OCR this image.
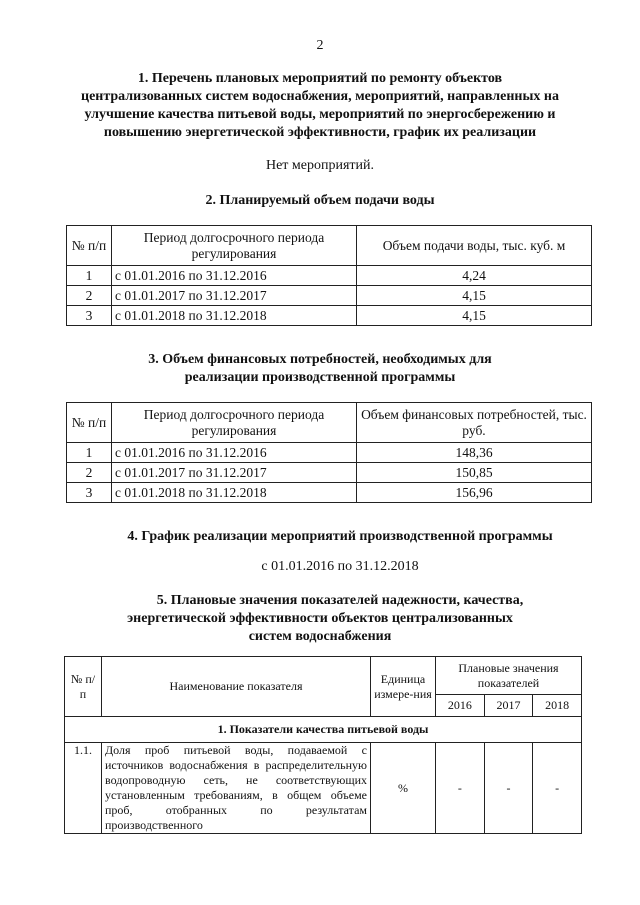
2
1. Перечень плановых мероприятий по ремонту объектов
централизованных систем водоснабжения, мероприятий, направленных на
улучшение качества питьевой воды, мероприятий по энергосбережению и
повышению энергетической эффективности, график их реализации
Нет мероприятий.
2. Планируемый объем подачи воды
№ п/п	Период долгосрочного периода регулирования	Объем подачи воды, тыс. куб. м
1	с 01.01.2016 по 31.12.2016	4,24
2	с 01.01.2017 по 31.12.2017	4,15
3	с 01.01.2018 по 31.12.2018	4,15
3. Объем финансовых потребностей, необходимых для
реализации производственной программы
№ п/п	Период долгосрочного периода регулирования	Объем финансовых потребностей, тыс. руб.
1	с 01.01.2016 по 31.12.2016	148,36
2	с 01.01.2017 по 31.12.2017	150,85
3	с 01.01.2018 по 31.12.2018	156,96
4. График реализации мероприятий производственной программы
с 01.01.2016 по 31.12.2018
5. Плановые значения показателей надежности, качества,
энергетической эффективности объектов централизованных
систем водоснабжения
№ п/п	Наименование показателя	Единица измере-ния	Плановые значения показателей		
			2016	2017	2018
1. Показатели качества питьевой воды					
1.1.	Доля проб питьевой воды, подаваемой с источников водоснабжения в распределительную водопроводную сеть, не соответствующих установленным требованиям, в общем объеме проб, отобранных по результатам производственного	%	-	-	-
